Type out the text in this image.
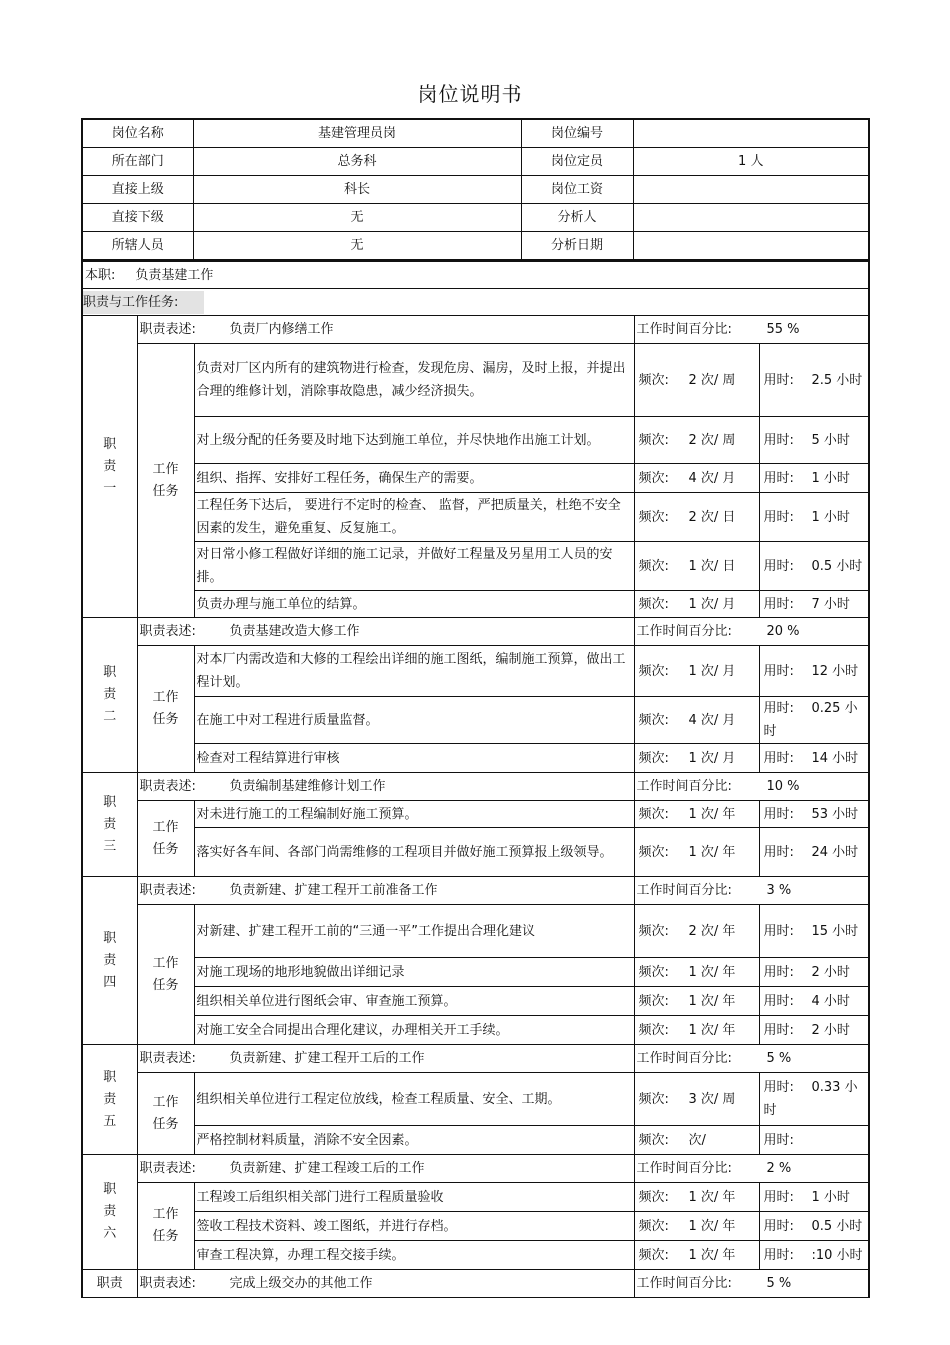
岗位说明书
岗位名称	基建管理员岗	岗位编号	
所在部门	总务科	岗位定员	1 人
直接上级	科长	岗位工资	
直接下级	无	分析人	
所辖人员	无	分析日期	
本职: 负责基建工作				
职责与工作任务:				
职责一	职责表述: 负责厂内修缮工作		工作时间百分比: 55 %	
	工作任务	负责对厂区内所有的建筑物进行检查，发现危房、漏房，及时上报，并提出合理的维修计划，消除事故隐患，减少经济损失。	频次: 2 次/ 周	用时: 2.5 小时
		对上级分配的任务要及时地下达到施工单位，并尽快地作出施工计划。	频次: 2 次/ 周	用时: 5 小时
		组织、指挥、安排好工程任务，确保生产的需要。	频次: 4 次/ 月	用时: 1 小时
		工程任务下达后， 要进行不定时的检查、 监督，严把质量关，杜绝不安全因素的发生，避免重复、反复施工。	频次: 2 次/ 日	用时: 1 小时
		对日常小修工程做好详细的施工记录，并做好工程量及另星用工人员的安排。	频次: 1 次/ 日	用时: 0.5 小时
		负责办理与施工单位的结算。	频次: 1 次/ 月	用时: 7 小时
职责二	职责表述: 负责基建改造大修工作		工作时间百分比: 20 %	
	工作任务	对本厂内需改造和大修的工程绘出详细的施工图纸，编制施工预算，做出工程计划。	频次: 1 次/ 月	用时: 12 小时
		在施工中对工程进行质量监督。	频次: 4 次/ 月	用时: 0.25 小时
		检查对工程结算进行审核	频次: 1 次/ 月	用时: 14 小时
职责三	职责表述: 负责编制基建维修计划工作		工作时间百分比: 10 %	
	工作任务	对未进行施工的工程编制好施工预算。	频次: 1 次/ 年	用时: 53 小时
		落实好各车间、各部门尚需维修的工程项目并做好施工预算报上级领导。	频次: 1 次/ 年	用时: 24 小时
职责四	职责表述: 负责新建、扩建工程开工前准备工作		工作时间百分比: 3 %	
	工作任务	对新建、扩建工程开工前的“三通一平”工作提出合理化建议	频次: 2 次/ 年	用时: 15 小时
		对施工现场的地形地貌做出详细记录	频次: 1 次/ 年	用时: 2 小时
		组织相关单位进行图纸会审、审查施工预算。	频次: 1 次/ 年	用时: 4 小时
		对施工安全合同提出合理化建议，办理相关开工手续。	频次: 1 次/ 年	用时: 2 小时
职责五	职责表述: 负责新建、扩建工程开工后的工作		工作时间百分比: 5 %	
	工作任务	组织相关单位进行工程定位放线，检查工程质量、安全、工期。	频次: 3 次/ 周	用时: 0.33 小时
		严格控制材料质量，消除不安全因素。	频次: 次/	用时:
职责六	职责表述: 负责新建、扩建工程竣工后的工作		工作时间百分比: 2 %	
	工作任务	工程竣工后组织相关部门进行工程质量验收	频次: 1 次/ 年	用时: 1 小时
		签收工程技术资料、竣工图纸，并进行存档。	频次: 1 次/ 年	用时: 0.5 小时
		审查工程决算，办理工程交接手续。	频次: 1 次/ 年	用时: :10 小时
职责	职责表述: 完成上级交办的其他工作		工作时间百分比: 5 %	
